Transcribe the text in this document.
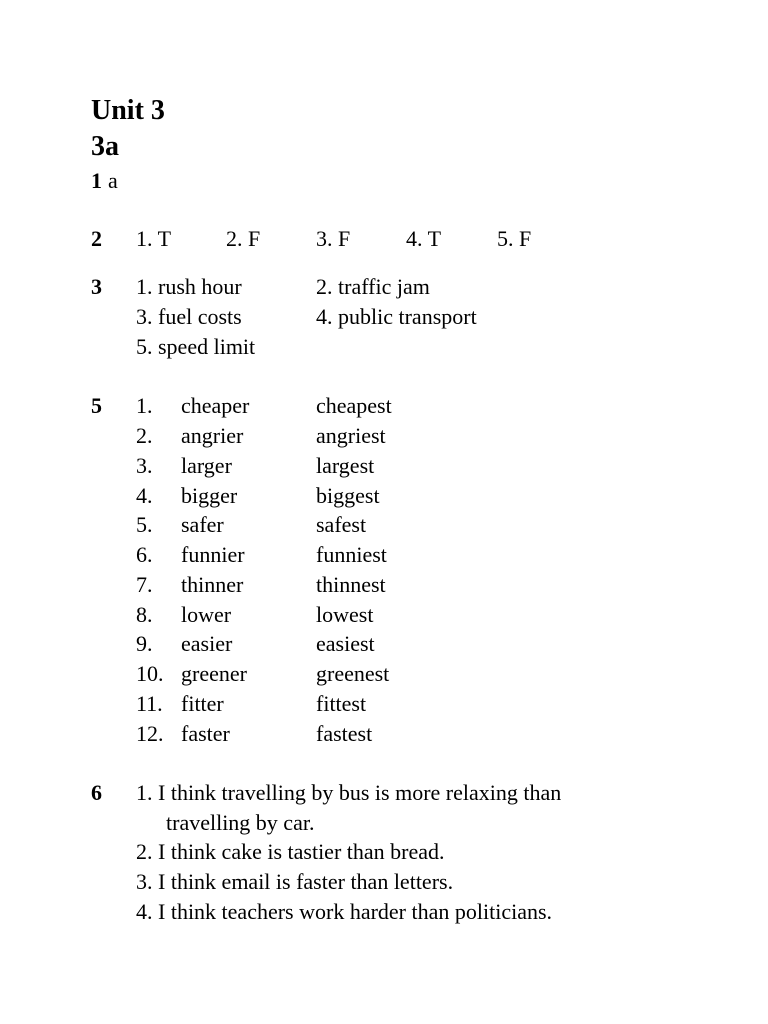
Unit 3
3a
1 a
2 1. T 2. F	3. F	4. T	5. F
3 1. rush hour	2. traffic jam
3. fuel costs	4. public transport
5. speed limit
5 1. cheaper	cheapest
2. angrier	angriest
3. larger	largest
4. bigger	biggest
5. safer	safest
6. funnier	funniest
7. thinner	thinnest
8. lower	lowest
9. easier	easiest
10. greener	greenest
11. fitter	fittest
12. faster	fastest
6 1. I think travelling by bus is more relaxing than
travelling by car.
2. I think cake is tastier than bread.
3. I think email is faster than letters.
4. I think teachers work harder than politicians.
